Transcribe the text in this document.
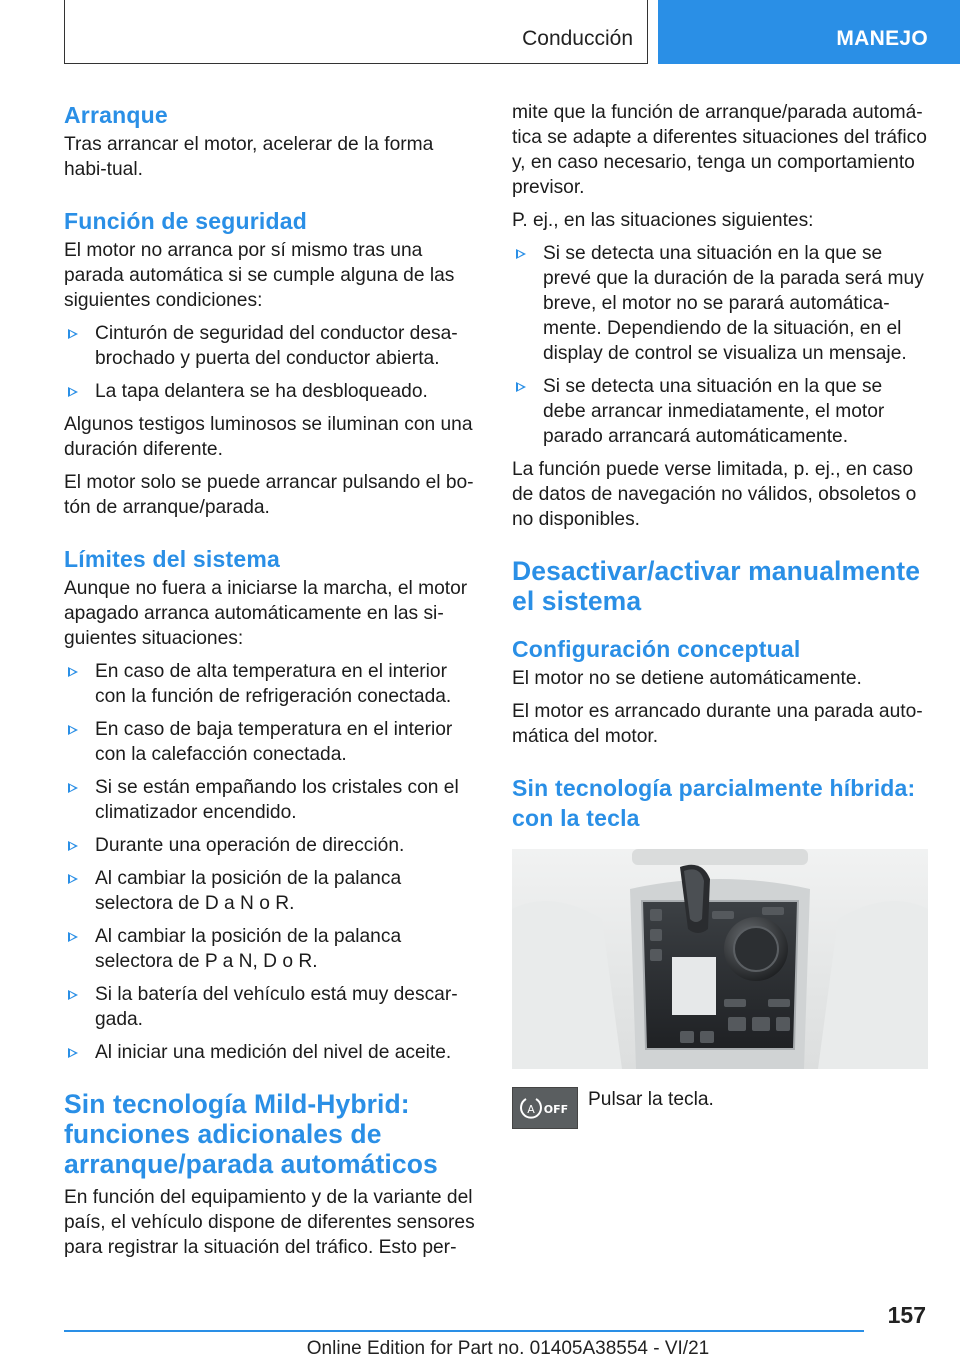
Conducción	MANEJO
Arranque
Tras arrancar el motor, acelerar de la forma habi-tual.
Función de seguridad
El motor no arranca por sí mismo tras una parada automática si se cumple alguna de las siguientes condiciones:
Cinturón de seguridad del conductor desa-brochado y puerta del conductor abierta.
La tapa delantera se ha desbloqueado.
Algunos testigos luminosos se iluminan con una duración diferente.
El motor solo se puede arrancar pulsando el bo-tón de arranque/parada.
Límites del sistema
Aunque no fuera a iniciarse la marcha, el motor apagado arranca automáticamente en las si-guientes situaciones:
En caso de alta temperatura en el interior con la función de refrigeración conectada.
En caso de baja temperatura en el interior con la calefacción conectada.
Si se están empañando los cristales con el climatizador encendido.
Durante una operación de dirección.
Al cambiar la posición de la palanca selectora de D a N o R.
Al cambiar la posición de la palanca selectora de P a N, D o R.
Si la batería del vehículo está muy descar-gada.
Al iniciar una medición del nivel de aceite.
Sin tecnología Mild-Hybrid: funciones adicionales de arranque/parada automáticos
En función del equipamiento y de la variante del país, el vehículo dispone de diferentes sensores para registrar la situación del tráfico. Esto per-
mite que la función de arranque/parada automá-tica se adapte a diferentes situaciones del tráfico y, en caso necesario, tenga un comportamiento previsor.
P. ej., en las situaciones siguientes:
Si se detecta una situación en la que se prevé que la duración de la parada será muy breve, el motor no se parará automática-mente. Dependiendo de la situación, en el display de control se visualiza un mensaje.
Si se detecta una situación en la que se debe arrancar inmediatamente, el motor parado arrancará automáticamente.
La función puede verse limitada, p. ej., en caso de datos de navegación no válidos, obsoletos o no disponibles.
Desactivar/activar manualmente el sistema
Configuración conceptual
El motor no se detiene automáticamente.
El motor es arrancado durante una parada auto-mática del motor.
Sin tecnología parcialmente híbrida: con la tecla
A OFF Pulsar la tecla.
157
Online Edition for Part no. 01405A38554 - VI/21
